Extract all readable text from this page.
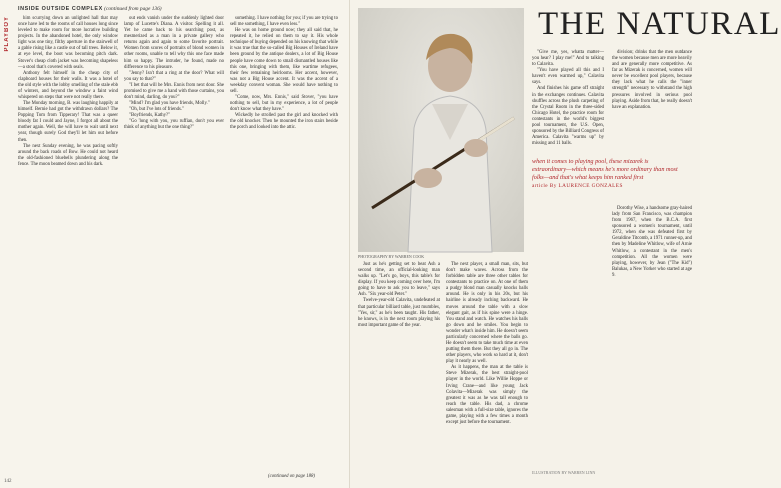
INSIDE OUTSIDE COMPLEX (continued from page 136)
PLAYBOY	him scurrying down an unlighted hall that may once have led to the rooms of call houses long since leveled to make room for more lucrative building projects. In the abandoned hotel, the only window light was one tiny, filthy aperture in the stairwell of a gable rising like a castle out of tall trees. Below it, at eye level, the boot was becoming pitch dark. Stover's cheap cloth jacket was becoming shapeless—a stool that's covered with seals.

Anthony felt himself in the cheap city of clapboard houses for their walls. It was a hotel of the old style with the lobby smelling of the stale ebb of winters, and beyond the window a faint wind whispered on steps that were not really there.

The Monday morning, B. was laughing happily at himself. Bernie had got the withdrawn dollars? The Popping Tom from Tipperary! That was a queer bloody fat I could and Jayne, I forgot all about the mother again. Well, the will have to wait until next year, though surely God they'll let him out before then.

The next Sunday evening, he was pacing softly around the back roads of Bow. He could not heard the old-fashioned bluebells plundering along the fence. The moon beamed down and his dark.

out ends vanish under the suddenly lighted door lamp of Lucette's Diana. A visitor. Spelling it all. Yet he came back to his searching post, as mesmerized as a man in a private gallery who returns again and again to some favorite portrait. Women from scores of portraits of blond women in other rooms, unable to tell why this one face made him so happy. The intruder, he found, made no difference to his pleasure.

"Jenny? Isn't that a ring at the door? What will you say to that?"

"I bet that will be Mrs. Ennis from next door. She promised to give me a hand with those curtains, you don't mind, darling, do you?"

"Mind? I'm glad you have friends, Molly."

"Oh, but I've lots of friends."

"Boyfriends, Kathy?"

"Go 'long with you, you ruffian, don't you ever think of anything but the one thing?"

something. I have nothing for you; if you are trying to sell me something, I have even less."

He was on home ground now; they all said that, he repeated it, he relied on them to say it. His whole technique of buying depended on his knowing that while it was true that the so-called Big Houses of Ireland have been ground by the antique dealers, a lot of Big House people have come down to small dismantled houses like this one, bringing with them, like wartime refugees, their few remaining heirlooms. Her accent, however, was not a Big House accent. It was the accent of a weekday convent woman. She would have nothing to sell.

"Come, now, Mrs. Ennis," said Stover, "you have nothing to sell, but in my experience, a lot of people don't know what they have."

Wickedly he strolled past the girl and knocked with the old knocker. Then he mounted the iron stairs beside the porch and looked into the attic.

(continued on page 188)
142
PHOTOGRAPHY BY WARREN COOK
THE NATURAL

"Give me, yes, whatta matter—you hear? I play me!" And to talking to Calavita.

"You have played all this and I haven't even warmed up," Calavita says.

And finishes his game off straight in the exchanges continues. Calavita shuffles across the plush carpeting of the Crystal Room in the three-sided Chicago Hotel, the practice room for contestants in the world's biggest pool tournament, the U.S. Open, sponsored by the Billiard Congress of America. Calavita "warms up" by missing and 11 balls.

division; drinks that the men outdance the women because men are more heavily and are generally more competitive. As far as Mizerak is concerned, women will never be excellent pool players, because they lack what he calls the "inner strength" necessary to withstand the high pressures involved in serious pool playing. Aside from that, he really doesn't have an explanation.

when it comes to playing pool, these mizarek is extraordinary—which means he's more ordinary than most folks—and that's what keeps him ranked first
article By LAURENCE GONZALES

Just as he's getting set to beat Ash a second time, an official-looking man walks up. "Let's go, boys, this table's for display. If you keep coming over here, I'm going to have to ask you to leave," says Ash. "Six year-old Peter."

Twelve-year-old Calavita, undefeated at that particular billiard table, just mumbles, "Yes, sir," as he's been taught. His father, he knows, is in the next room playing his most important game of the year.

The next player, a small man, sits, but don't make waves. Across from the forbidden table are three other tables for contestants to practice on. At one of them a pudgy blond man casually knocks balls around. He is only in his 20s, but his hairline is already inching backward. He moves around the table with a slow elegant gait, as if his spine were a hinge. You stand and watch. He watches his balls go down and he smiles. You begin to wonder what's inside him. He doesn't seem particularly concerned where the balls go. He doesn't seem to take much time at even putting them there. But they all go in. The other players, who work so hard at it, don't play it nearly as well.

As it happens, the man at the table is Steve Mizerak, the best straight-pool player in the world. Like Willie Hoppe or Irving Crane—and like young Jack Colavita—Mizerak was simply the greatest it was as he was tall enough to reach the table. His dad, a chrome salesman with a full-size table, ignores the game, playing with a few times a month except just before the tournament.

Dorothy Wise, a handsome gray-haired lady from San Francisco, was champion from 1967, when the B.C.A. first sponsored a women's tournament, until 1972, when she was defeated first by Geraldine Titcomb, a 1971 runner-up, and then by Madeline Whitlow, wife of Arnie Whitlow, a contestant in the men's competition. All the women were playing, however, by Jean ("The Kid") Balukas, a New Yorker who started at age 9.

ILLUSTRATION BY WARREN LINN
